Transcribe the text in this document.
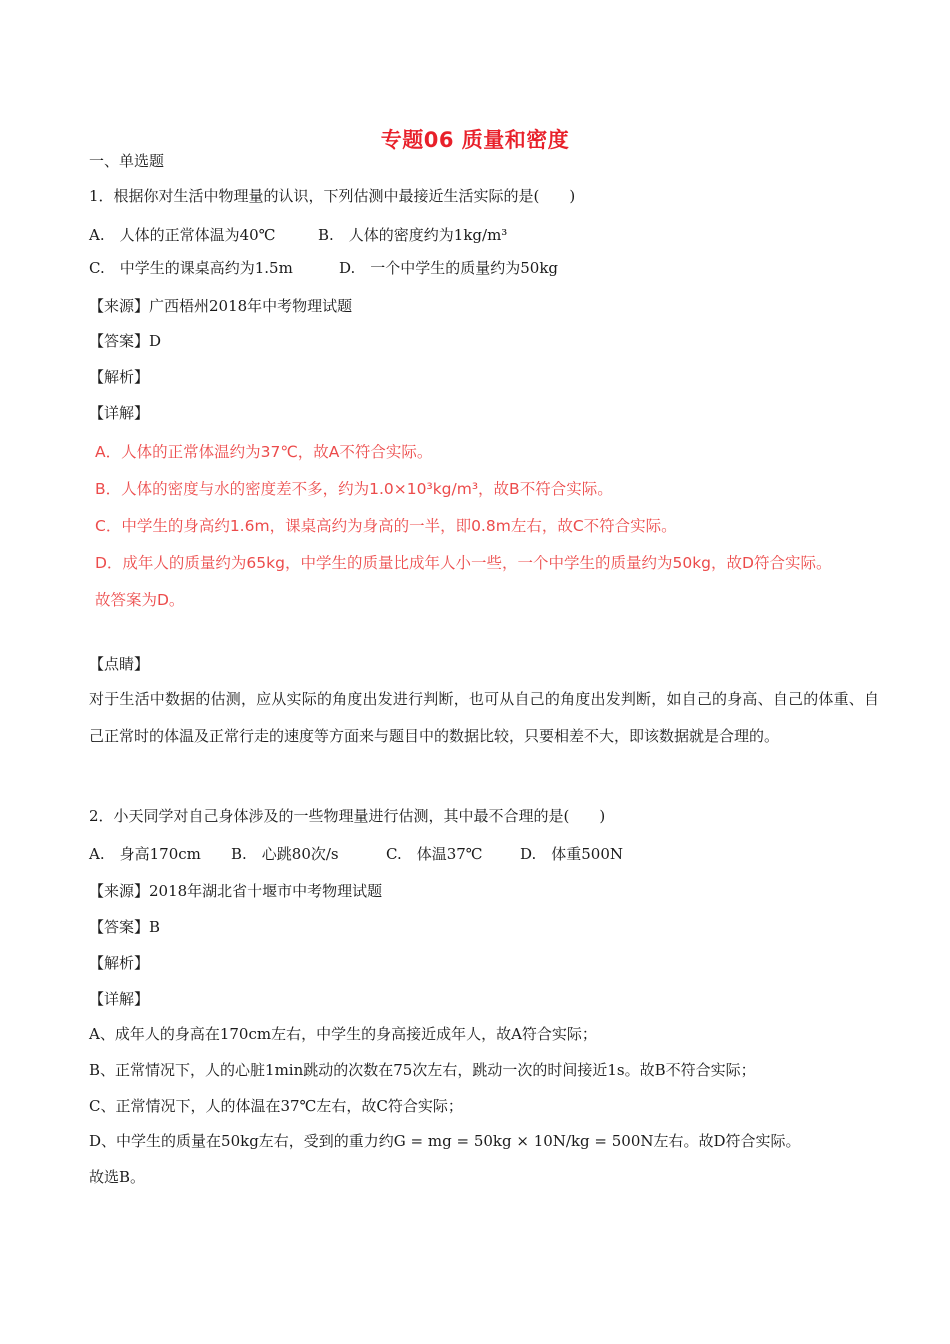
专题06 质量和密度
一、单选题
1．根据你对生活中物理量的认识，下列估测中最接近生活实际的是(　　)
A.　人体的正常体温为40℃	B.　人体的密度约为1kg/m³
C.　中学生的课桌高约为1.5m	D.　一个中学生的质量约为50kg
【来源】广西梧州2018年中考物理试题
【答案】D
【解析】
【详解】
A．人体的正常体温约为37℃，故A不符合实际。
B．人体的密度与水的密度差不多，约为1.0×10³kg/m³，故B不符合实际。
C．中学生的身高约1.6m，课桌高约为身高的一半，即0.8m左右，故C不符合实际。
D．成年人的质量约为65kg，中学生的质量比成年人小一些，一个中学生的质量约为50kg，故D符合实际。
故答案为D。
【点睛】
对于生活中数据的估测，应从实际的角度出发进行判断，也可从自己的角度出发判断，如自己的身高、自己的体重、自己正常时的体温及正常行走的速度等方面来与题目中的数据比较，只要相差不大，即该数据就是合理的。
2．小天同学对自己身体涉及的一些物理量进行估测，其中最不合理的是(　　)
A.　身高170cm B.　心跳80次/s	C.　体温37℃ D.　体重500N
【来源】2018年湖北省十堰市中考物理试题
【答案】B
【解析】
【详解】
A、成年人的身高在170cm左右，中学生的身高接近成年人，故A符合实际；
B、正常情况下，人的心脏1min跳动的次数在75次左右，跳动一次的时间接近1s。故B不符合实际；
C、正常情况下，人的体温在37℃左右，故C符合实际；
D、中学生的质量在50kg左右，受到的重力约G = mg = 50kg × 10N/kg = 500N左右。故D符合实际。
故选B。
